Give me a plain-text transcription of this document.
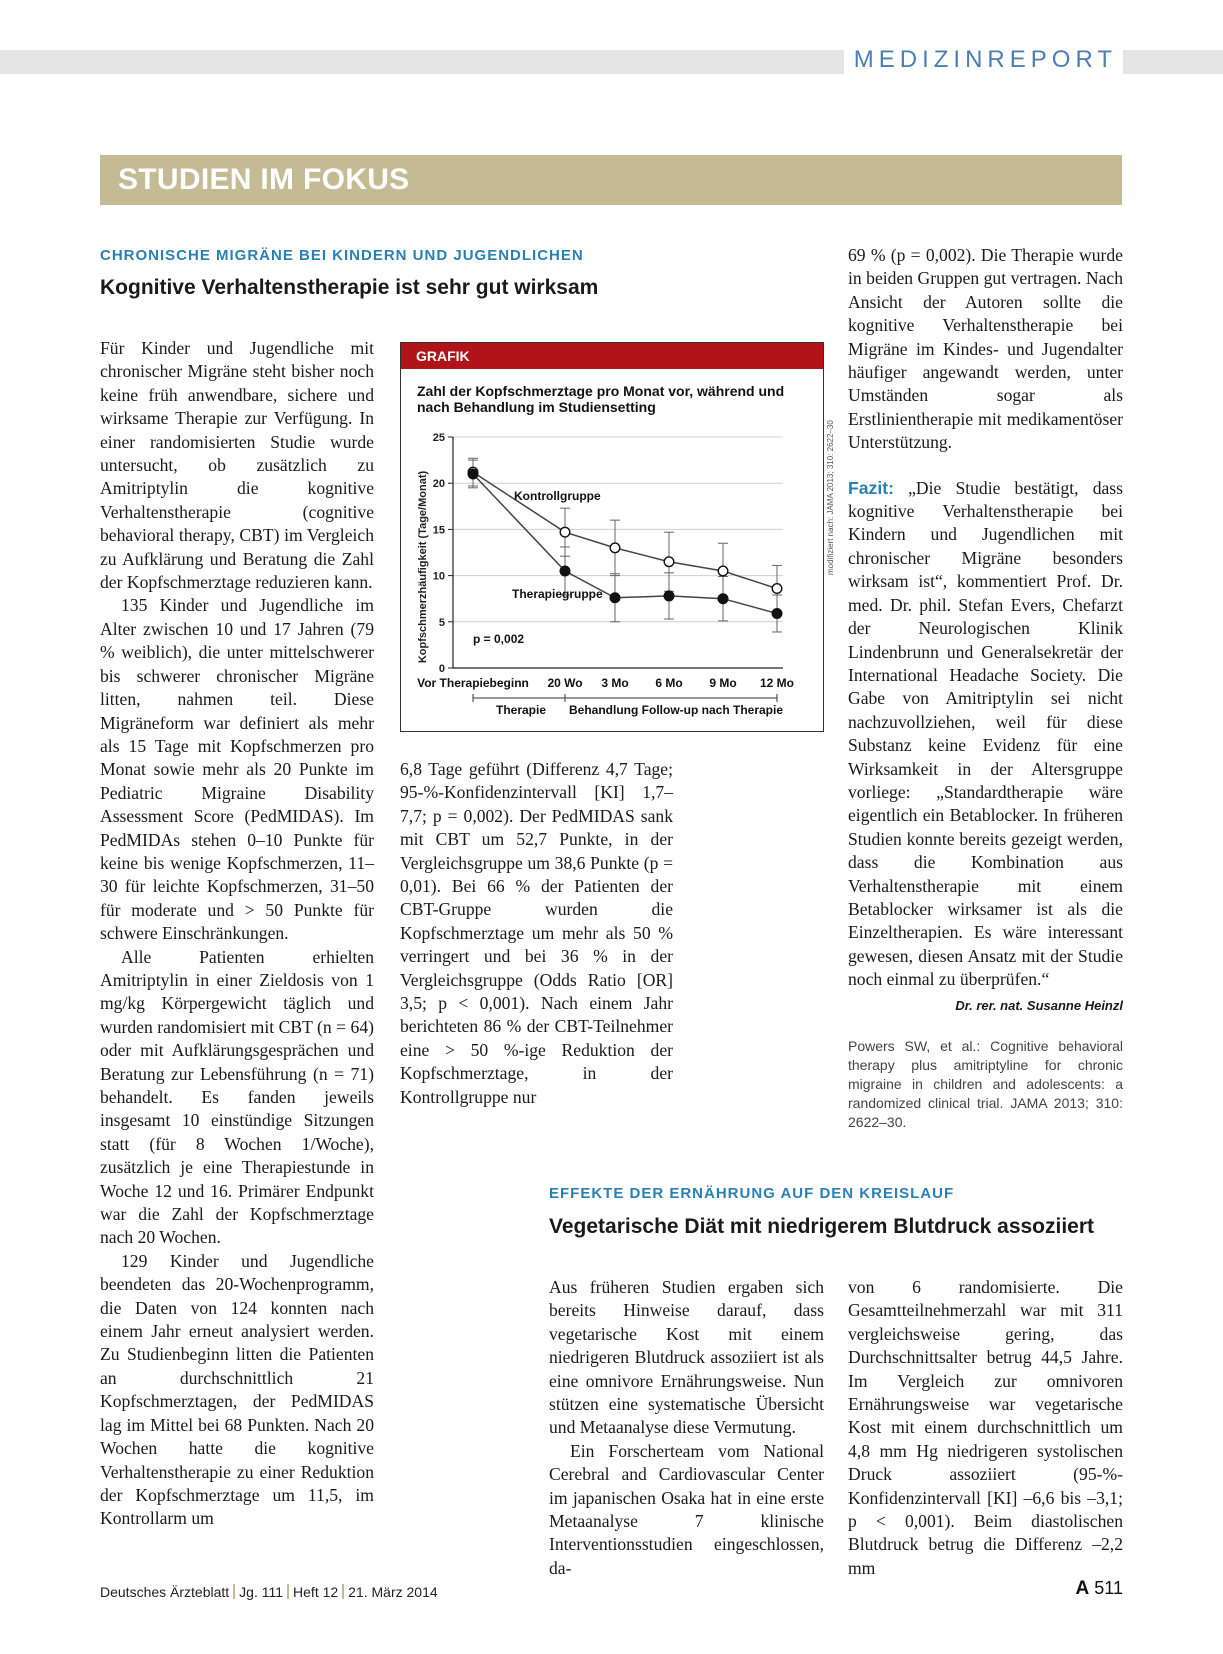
MEDIZINREPORT
STUDIEN IM FOKUS
CHRONISCHE MIGRÄNE BEI KINDERN UND JUGENDLICHEN
Kognitive Verhaltenstherapie ist sehr gut wirksam

Für Kinder und Jugendliche mit chronischer Migräne steht bisher noch keine früh anwendbare, sichere und wirksame Therapie zur Verfügung. In einer randomisierten Studie wurde untersucht, ob zusätzlich zu Amitriptylin die kognitive Verhaltenstherapie (cognitive behavioral therapy, CBT) im Vergleich zu Aufklärung und Beratung die Zahl der Kopfschmerztage reduzieren kann.

135 Kinder und Jugendliche im Alter zwischen 10 und 17 Jahren (79 % weiblich), die unter mittelschwerer bis schwerer chronischer Migräne litten, nahmen teil. Diese Migräneform war definiert als mehr als 15 Tage mit Kopfschmerzen pro Monat sowie mehr als 20 Punkte im Pediatric Migraine Disability Assessment Score (PedMIDAS). Im PedMIDAs stehen 0–10 Punkte für keine bis wenige Kopfschmerzen, 11–30 für leichte Kopfschmerzen, 31–50 für moderate und > 50 Punkte für schwere Einschränkungen.

Alle Patienten erhielten Amitriptylin in einer Zieldosis von 1 mg/kg Körpergewicht täglich und wurden randomisiert mit CBT (n = 64) oder mit Aufklärungsgesprächen und Beratung zur Lebensführung (n = 71) behandelt. Es fanden jeweils insgesamt 10 einstündige Sitzungen statt (für 8 Wochen 1/Woche), zusätzlich je eine Therapiestunde in Woche 12 und 16. Primärer Endpunkt war die Zahl der Kopfschmerztage nach 20 Wochen.

129 Kinder und Jugendliche beendeten das 20-Wochenprogramm, die Daten von 124 konnten nach einem Jahr erneut analysiert werden. Zu Studienbeginn litten die Patienten an durchschnittlich 21 Kopfschmerztagen, der PedMIDAS lag im Mittel bei 68 Punkten. Nach 20 Wochen hatte die kognitive Verhaltenstherapie zu einer Reduktion der Kopfschmerztage um 11,5, im Kontrollarm um

6,8 Tage geführt (Differenz 4,7 Tage; 95-%-Konfidenzintervall [KI] 1,7–7,7; p = 0,002). Der PedMIDAS sank mit CBT um 52,7 Punkte, in der Vergleichsgruppe um 38,6 Punkte (p = 0,01). Bei 66 % der Patienten der CBT-Gruppe wurden die Kopfschmerztage um mehr als 50 % verringert und bei 36 % in der Vergleichsgruppe (Odds Ratio [OR] 3,5; p < 0,001). Nach einem Jahr berichteten 86 % der CBT-Teilnehmer eine > 50 %-ige Reduktion der Kopfschmerztage, in der Kontrollgruppe nur

69 % (p = 0,002). Die Therapie wurde in beiden Gruppen gut vertragen. Nach Ansicht der Autoren sollte die kognitive Verhaltenstherapie bei Migräne im Kindes- und Jugendalter häufiger angewandt werden, unter Umständen sogar als Erstlinientherapie mit medikamentöser Unterstützung.

Fazit: „Die Studie bestätigt, dass kognitive Verhaltenstherapie bei Kindern und Jugendlichen mit chronischer Migräne besonders wirksam ist“, kommentiert Prof. Dr. med. Dr. phil. Stefan Evers, Chefarzt der Neurologischen Klinik Lindenbrunn und Generalsekretär der International Headache Society. Die Gabe von Amitriptylin sei nicht nachzuvollziehen, weil für diese Substanz keine Evidenz für eine Wirksamkeit in der Altersgruppe vorliege: „Standardtherapie wäre eigentlich ein Betablocker. In früheren Studien konnte bereits gezeigt werden, dass die Kombination aus Verhaltenstherapie mit einem Betablocker wirksamer ist als die Einzeltherapien. Es wäre interessant gewesen, diesen Ansatz mit der Studie noch einmal zu überprüfen.“

Dr. rer. nat. Susanne Heinzl
Powers SW, et al.: Cognitive behavioral therapy plus amitriptyline for chronic migraine in children and adolescents: a randomized clinical trial. JAMA 2013; 310: 2622–30.
GRAFIK
Zahl der Kopfschmerztage pro Monat vor, während und nach Behandlung im Studiensetting
Kopfschmerzhäufigkeit (Tage/Monat)	p = 0,002
Therapie Behandlung Follow-up nach Therapie
0
5
10
15
20
25
Vor Therapiebeginn 20 Wo 3 Mo 6 Mo 9 Mo 12 Mo
Kontrollgruppe
Therapiegruppe
modifiziert nach: JAMA 2013; 310: 2622–30
EFFEKTE DER ERNÄHRUNG AUF DEN KREISLAUF
Vegetarische Diät mit niedrigerem Blutdruck assoziiert

Aus früheren Studien ergaben sich bereits Hinweise darauf, dass vegetarische Kost mit einem niedrigeren Blutdruck assoziiert ist als eine omnivore Ernährungsweise. Nun stützen eine systematische Übersicht und Metaanalyse diese Vermutung.

Ein Forscherteam vom National Cerebral and Cardiovascular Center im japanischen Osaka hat in eine erste Metaanalyse 7 klinische Interventionsstudien eingeschlossen, da-

von 6 randomisierte. Die Gesamtteilnehmerzahl war mit 311 vergleichsweise gering, das Durchschnittsalter betrug 44,5 Jahre. Im Vergleich zur omnivoren Ernährungsweise war vegetarische Kost mit einem durchschnittlich um 4,8 mm Hg niedrigeren systolischen Druck assoziiert (95-%-Konfidenzintervall [KI] –6,6 bis –3,1; p < 0,001). Beim diastolischen Blutdruck betrug die Differenz –2,2 mm

Deutsches Ärzteblatt Jg. 111 Heft 12 21. März 2014	A 511
